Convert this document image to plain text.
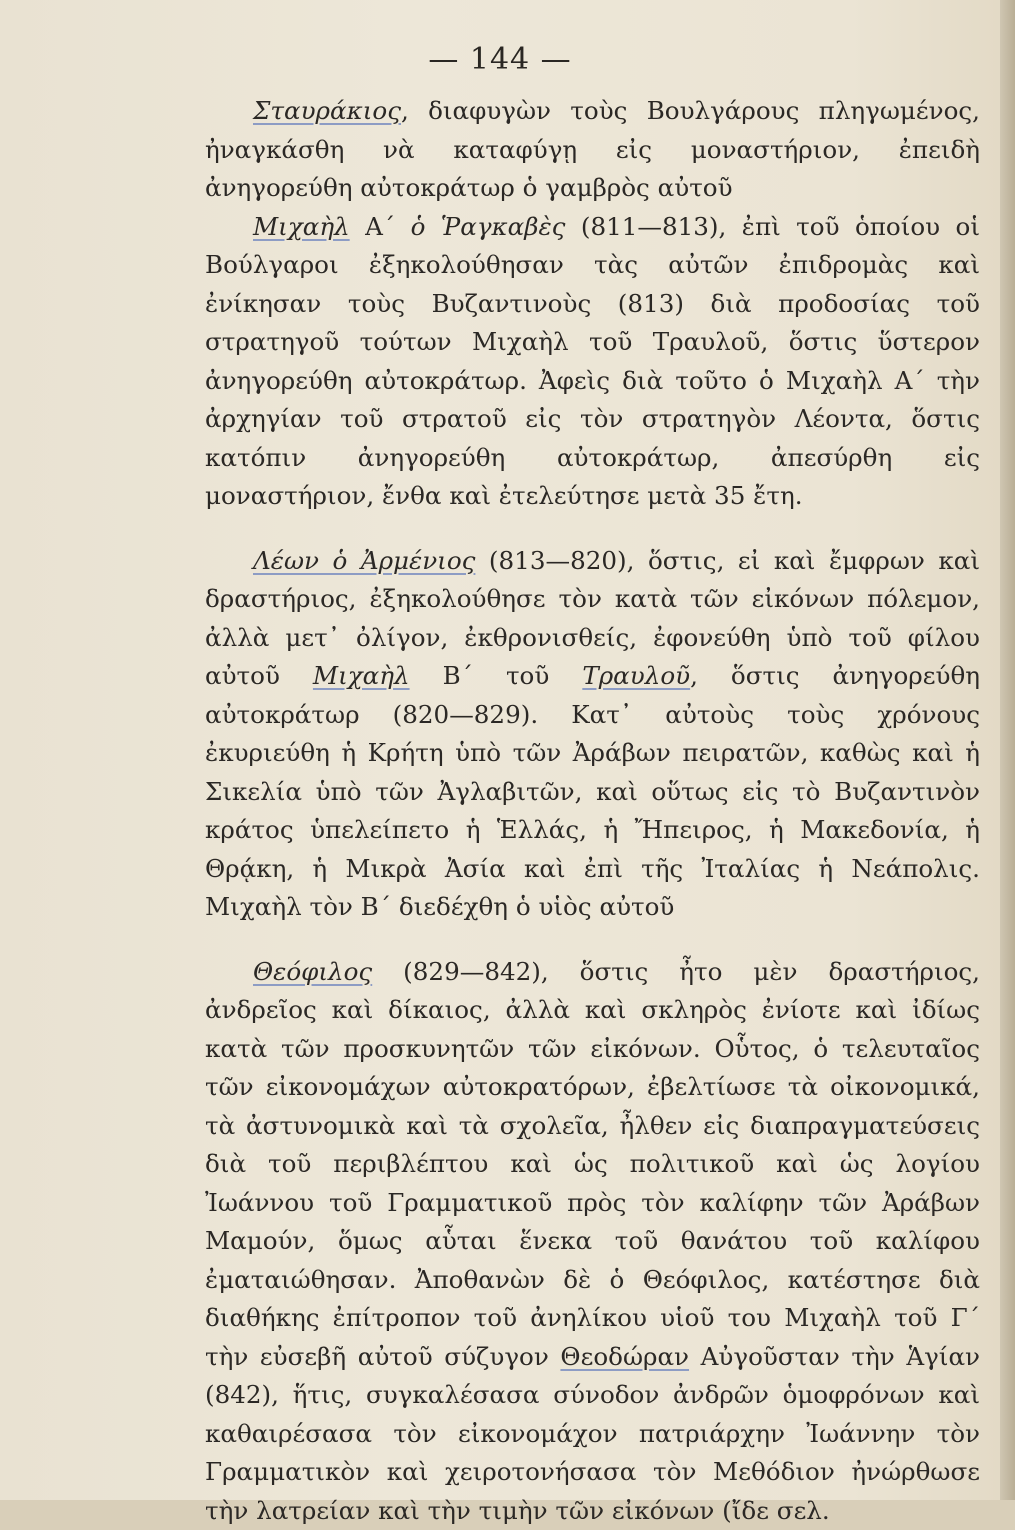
— 144 —

Σταυράκιος, διαφυγὼν τοὺς Βουλγάρους πληγωμένος, ἠναγκάσθη νὰ καταφύγῃ εἰς μοναστήριον, ἐπειδὴ ἀνηγορεύθη αὐτοκράτωρ ὁ γαμβρὸς αὐτοῦ

Μιχαὴλ Α΄ ὁ Ῥαγκαβὲς (811—813), ἐπὶ τοῦ ὁποίου οἱ Βούλγαροι ἐξηκολούθησαν τὰς αὐτῶν ἐπιδρομὰς καὶ ἐνίκησαν τοὺς Βυζαντινοὺς (813) διὰ προδοσίας τοῦ στρατηγοῦ τούτων Μιχαὴλ τοῦ Τραυλοῦ, ὅστις ὕστερον ἀνηγορεύθη αὐτοκράτωρ. Ἀφεὶς διὰ τοῦτο ὁ Μιχαὴλ Α΄ τὴν ἀρχηγίαν τοῦ στρατοῦ εἰς τὸν στρατηγὸν Λέοντα, ὅστις κατόπιν ἀνηγορεύθη αὐτοκράτωρ, ἀπεσύρθη εἰς μοναστήριον, ἔνθα καὶ ἐτελεύτησε μετὰ 35 ἔτη.

Λέων ὁ Ἀρμένιος (813—820), ὅστις, εἰ καὶ ἔμφρων καὶ δραστήριος, ἐξηκολούθησε τὸν κατὰ τῶν εἰκόνων πόλεμον, ἀλλὰ μετ᾽ ὀλίγον, ἐκθρονισθείς, ἐφονεύθη ὑπὸ τοῦ φίλου αὐτοῦ Μιχαὴλ Β΄ τοῦ Τραυλοῦ, ὅστις ἀνηγορεύθη αὐτοκράτωρ (820—829). Κατ᾽ αὐτοὺς τοὺς χρόνους ἐκυριεύθη ἡ Κρήτη ὑπὸ τῶν Ἀράβων πειρατῶν, καθὼς καὶ ἡ Σικελία ὑπὸ τῶν Ἀγλαβιτῶν, καὶ οὕτως εἰς τὸ Βυζαντινὸν κράτος ὑπελείπετο ἡ Ἑλλάς, ἡ Ἤπειρος, ἡ Μακεδονία, ἡ Θρᾴκη, ἡ Μικρὰ Ἀσία καὶ ἐπὶ τῆς Ἰταλίας ἡ Νεάπολις. Μιχαὴλ τὸν Β΄ διεδέχθη ὁ υἱὸς αὐτοῦ

Θεόφιλος (829—842), ὅστις ἦτο μὲν δραστήριος, ἀνδρεῖος καὶ δίκαιος, ἀλλὰ καὶ σκληρὸς ἐνίοτε καὶ ἰδίως κατὰ τῶν προσκυνητῶν τῶν εἰκόνων. Οὗτος, ὁ τελευταῖος τῶν εἰκονομάχων αὐτοκρατόρων, ἐβελτίωσε τὰ οἰκονομικά, τὰ ἀστυνομικὰ καὶ τὰ σχολεῖα, ἦλθεν εἰς διαπραγματεύσεις διὰ τοῦ περιβλέπτου καὶ ὡς πολιτικοῦ καὶ ὡς λογίου Ἰωάννου τοῦ Γραμματικοῦ πρὸς τὸν καλίφην τῶν Ἀράβων Μαμούν, ὅμως αὗται ἕνεκα τοῦ θανάτου τοῦ καλίφου ἐματαιώθησαν. Ἀποθανὼν δὲ ὁ Θεόφιλος, κατέστησε διὰ διαθήκης ἐπίτροπον τοῦ ἀνηλίκου υἱοῦ του Μιχαὴλ τοῦ Γ΄ τὴν εὐσεβῆ αὐτοῦ σύζυγον Θεοδώραν Αὐγοῦσταν τὴν Ἁγίαν (842), ἥτις, συγκαλέσασα σύνοδον ἀνδρῶν ὁμοφρόνων καὶ καθαιρέσασα τὸν εἰκονομάχον πατριάρχην Ἰωάννην τὸν Γραμματικὸν καὶ χειροτονήσασα τὸν Μεθόδιον ἠνώρθωσε τὴν λατρείαν καὶ τὴν τιμὴν τῶν εἰκόνων (ἴδε σελ.
